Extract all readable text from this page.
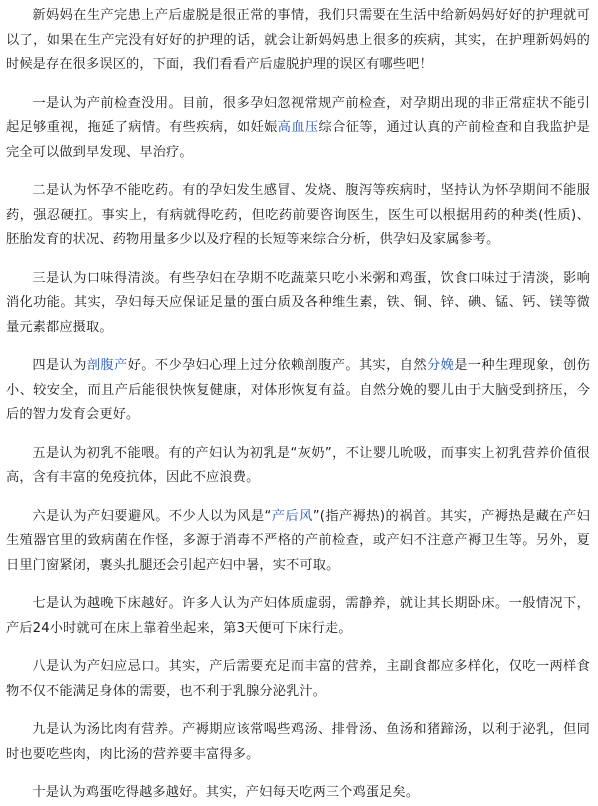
新妈妈在生产完患上产后虚脱是很正常的事情，我们只需要在生活中给新妈妈好好的护理就可以了，如果在生产完没有好好的护理的话，就会让新妈妈患上很多的疾病，其实，在护理新妈妈的时候是存在很多误区的，下面，我们看看产后虚脱护理的误区有哪些吧！

一是认为产前检查没用。目前，很多孕妇忽视常规产前检查，对孕期出现的非正常症状不能引起足够重视，拖延了病情。有些疾病，如妊娠高血压综合征等，通过认真的产前检查和自我监护是完全可以做到早发现、早治疗。

二是认为怀孕不能吃药。有的孕妇发生感冒、发烧、腹泻等疾病时，坚持认为怀孕期间不能服药，强忍硬扛。事实上，有病就得吃药，但吃药前要咨询医生，医生可以根据用药的种类(性质)、胚胎发育的状况、药物用量多少以及疗程的长短等来综合分析，供孕妇及家属参考。

三是认为口味得清淡。有些孕妇在孕期不吃蔬菜只吃小米粥和鸡蛋，饮食口味过于清淡，影响消化功能。其实，孕妇每天应保证足量的蛋白质及各种维生素，铁、铜、锌、碘、锰、钙、镁等微量元素都应摄取。

四是认为剖腹产好。不少孕妇心理上过分依赖剖腹产。其实，自然分娩是一种生理现象，创伤小、较安全，而且产后能很快恢复健康，对体形恢复有益。自然分娩的婴儿由于大脑受到挤压，今后的智力发育会更好。

五是认为初乳不能喂。有的产妇认为初乳是“灰奶”，不让婴儿吮吸，而事实上初乳营养价值很高，含有丰富的免疫抗体，因此不应浪费。

六是认为产妇要避风。不少人以为风是“产后风”(指产褥热)的祸首。其实，产褥热是藏在产妇生殖器官里的致病菌在作怪，多源于消毒不严格的产前检查，或产妇不注意产褥卫生等。另外，夏日里门窗紧闭，裹头扎腿还会引起产妇中暑，实不可取。

七是认为越晚下床越好。许多人认为产妇体质虚弱，需静养，就让其长期卧床。一般情况下，产后24小时就可在床上靠着坐起来，第3天便可下床行走。

八是认为产妇应忌口。其实，产后需要充足而丰富的营养，主副食都应多样化，仅吃一两样食物不仅不能满足身体的需要，也不利于乳腺分泌乳汁。

九是认为汤比肉有营养。产褥期应该常喝些鸡汤、排骨汤、鱼汤和猪蹄汤，以利于泌乳，但同时也要吃些肉，肉比汤的营养要丰富得多。

十是认为鸡蛋吃得越多越好。其实，产妇每天吃两三个鸡蛋足矣。
